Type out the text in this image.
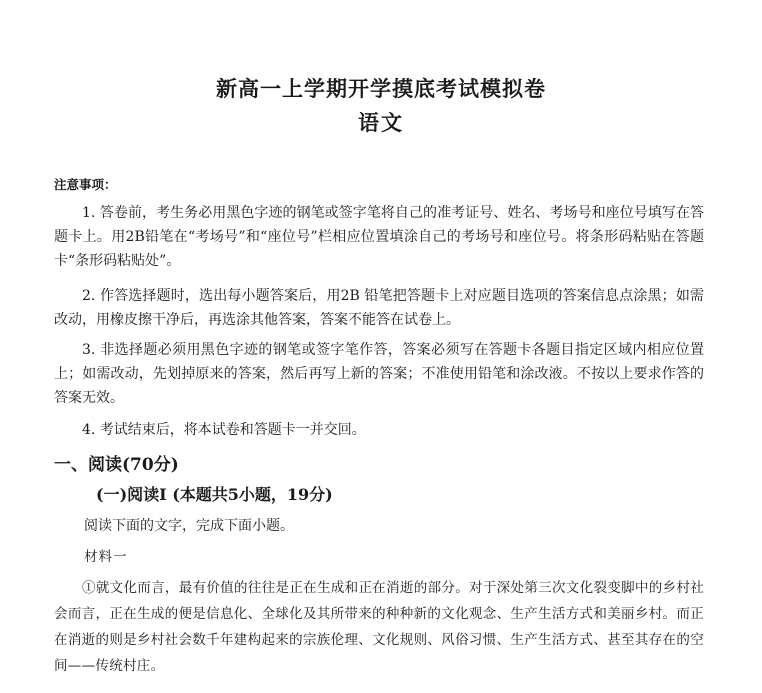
新高一上学期开学摸底考试模拟卷
语文
注意事项：

1. 答卷前，考生务必用黑色字迹的钢笔或签字笔将自己的准考证号、姓名、考场号和座位号填写在答题卡上。用2B铅笔在“考场号”和“座位号”栏相应位置填涂自己的考场号和座位号。将条形码粘贴在答题卡“条形码粘贴处”。

2. 作答选择题时，选出每小题答案后，用2B 铅笔把答题卡上对应题目选项的答案信息点涂黑；如需改动，用橡皮擦干净后，再选涂其他答案，答案不能答在试卷上。

3. 非选择题必须用黑色字迹的钢笔或签字笔作答，答案必须写在答题卡各题目指定区域内相应位置上；如需改动，先划掉原来的答案，然后再写上新的答案；不准使用铅笔和涂改液。不按以上要求作答的答案无效。

4. 考试结束后，将本试卷和答题卡一并交回。

一、阅读(70分)
(一)阅读I (本题共5小题，19分)
阅读下面的文字，完成下面小题。
材料一

①就文化而言，最有价值的往往是正在生成和正在消逝的部分。对于深处第三次文化裂变脚中的乡村社会而言，正在生成的便是信息化、全球化及其所带来的种种新的文化观念、生产生活方式和美丽乡村。而正在消逝的则是乡村社会数千年建构起来的宗族伦理、文化规则、风俗习惯、生产生活方式、甚至其存在的空间——传统村庄。
